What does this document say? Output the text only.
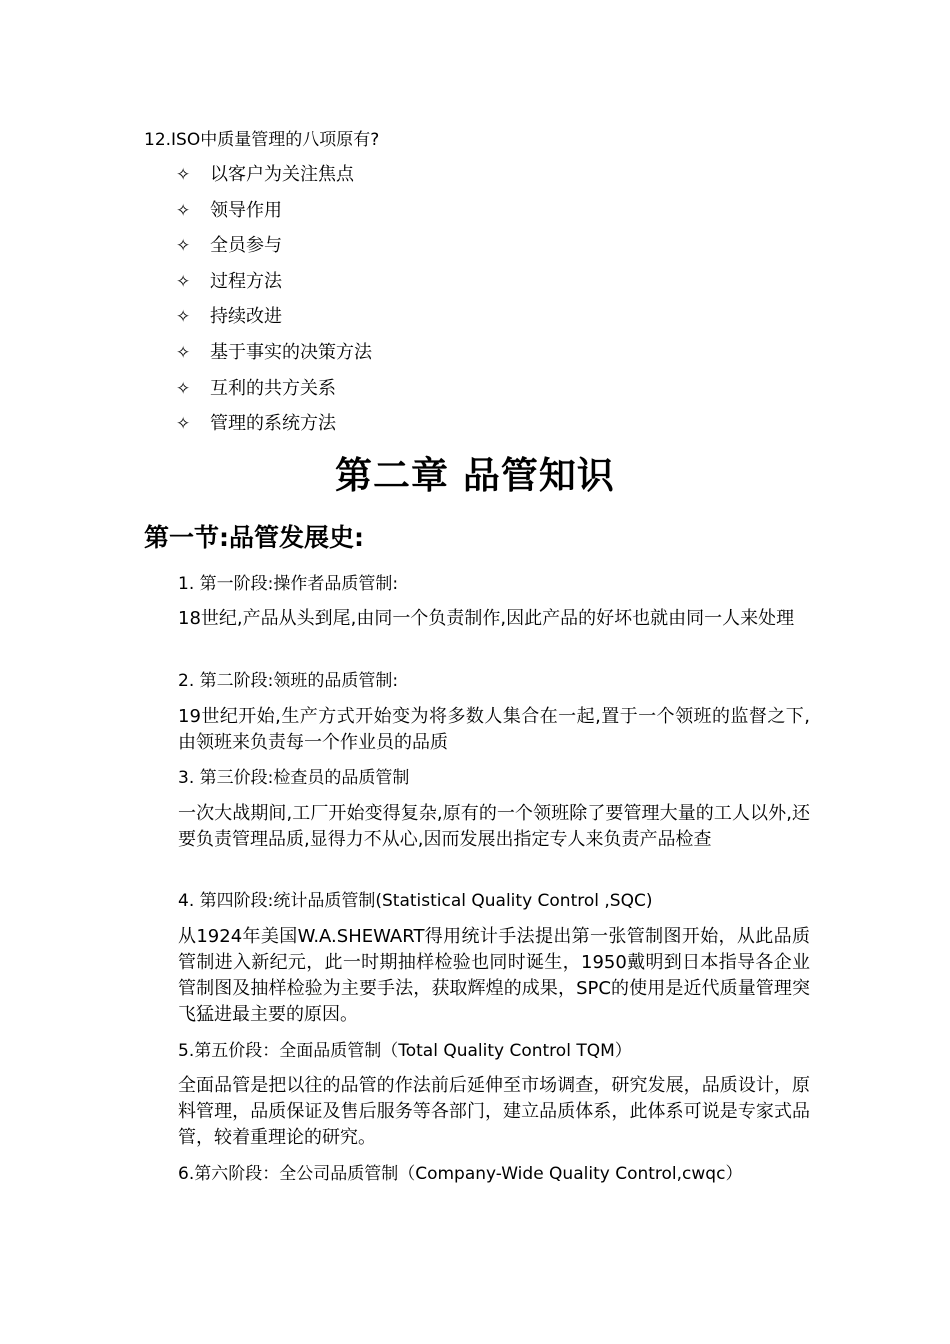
12.ISO中质量管理的八项原有?
✧ 以客户为关注焦点
✧ 领导作用
✧ 全员参与
✧ 过程方法
✧ 持续改进
✧ 基于事实的决策方法
✧ 互利的共方关系
✧ 管理的系统方法
第二章 品管知识
第一节:品管发展史:
1. 第一阶段:操作者品质管制:
18世纪,产品从头到尾,由同一个负责制作,因此产品的好坏也就由同一人来处理
2. 第二阶段:领班的品质管制:
19世纪开始,生产方式开始变为将多数人集合在一起,置于一个领班的监督之下,由领班来负责每一个作业员的品质
3. 第三价段:检查员的品质管制
一次大战期间,工厂开始变得复杂,原有的一个领班除了要管理大量的工人以外,还要负责管理品质,显得力不从心,因而发展出指定专人来负责产品检查
4. 第四阶段:统计品质管制(Statistical Quality Control ,SQC)
从1924年美国W.A.SHEWART得用统计手法提出第一张管制图开始，从此品质管制进入新纪元，此一时期抽样检验也同时诞生，1950戴明到日本指导各企业管制图及抽样检验为主要手法，获取辉煌的成果，SPC的使用是近代质量管理突飞猛进最主要的原因。
5.第五价段：全面品质管制（Total Quality Control TQM）
全面品管是把以往的品管的作法前后延伸至市场调查，研究发展，品质设计，原料管理，品质保证及售后服务等各部门，建立品质体系，此体系可说是专家式品管，较着重理论的研究。
6.第六阶段：全公司品质管制（Company-Wide Quality Control,cwqc）
